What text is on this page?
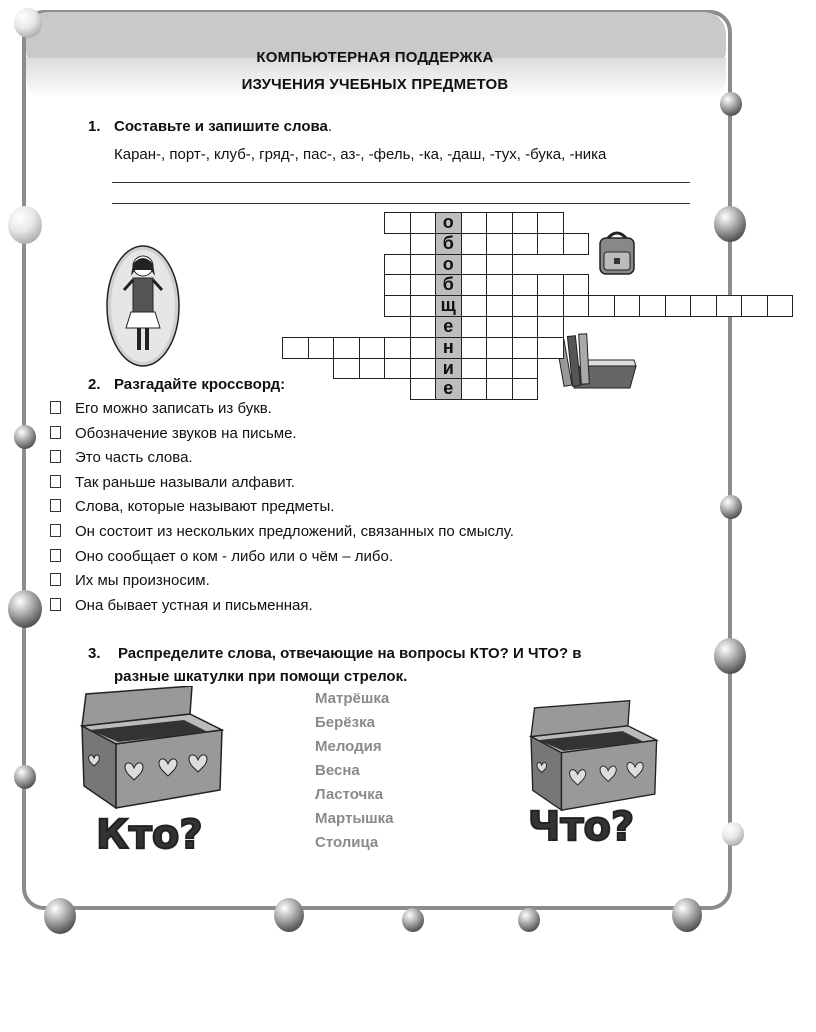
КОМПЬЮТЕРНАЯ ПОДДЕРЖКА
ИЗУЧЕНИЯ УЧЕБНЫХ ПРЕДМЕТОВ
1. Составьте и запишите слова.
Каран-, порт-, клуб-, гряд-, пас-, аз-, -фель, -ка, -даш, -тух, -бука, -ника
о
б
о
б
щ
е
н
и
е
2. Разгадайте кроссворд:
Его можно записать из букв.
Обозначение звуков на письме.
Это часть слова.
Так раньше называли алфавит.
Слова, которые называют предметы.
Он состоит из нескольких предложений, связанных по смыслу.
Оно сообщает о ком - либо или о чём – либо.
Их мы произносим.
Она бывает устная и письменная.
3. Распределите слова, отвечающие на вопросы КТО? И ЧТО? в
разные шкатулки при помощи стрелок.
Кто?
Матрёшка
Берёзка
Мелодия
Весна
Ласточка
Мартышка
Столица	Что?
